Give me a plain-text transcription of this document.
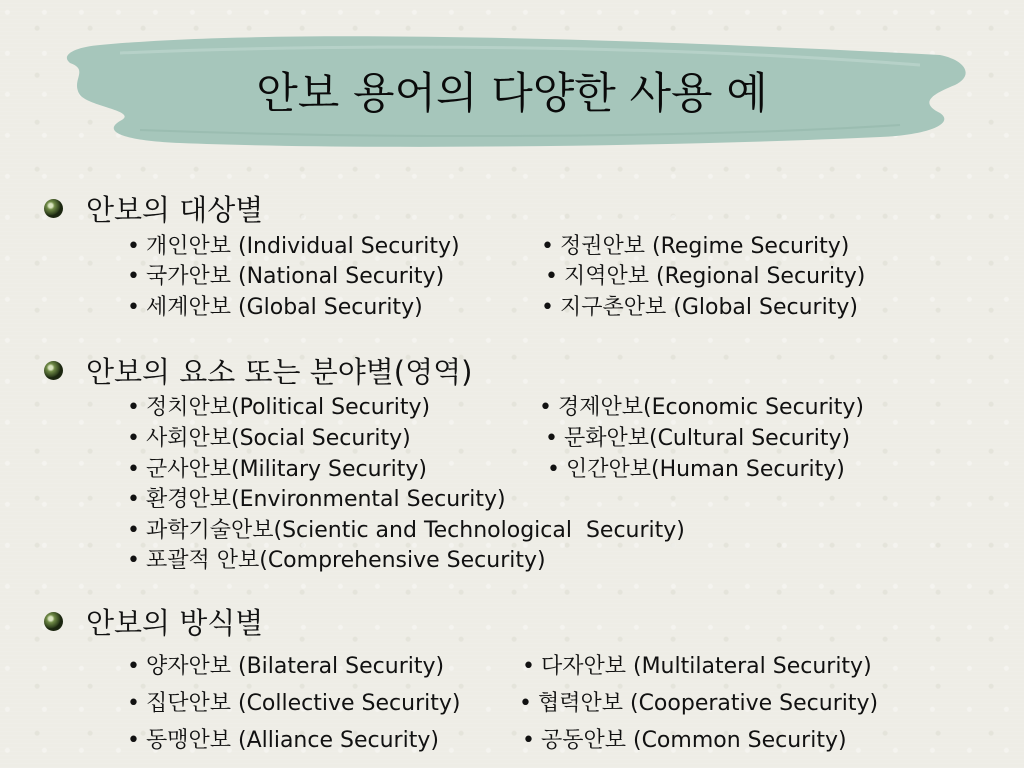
안보 용어의 다양한 사용 예
안보의 대상별
• 개인안보 (Individual Security)	• 정권안보 (Regime Security)
• 국가안보 (National Security)	• 지역안보 (Regional Security)
• 세계안보 (Global Security)	• 지구촌안보 (Global Security)
안보의 요소 또는 분야별(영역)
• 정치안보(Political Security)	• 경제안보(Economic Security)
• 사회안보(Social Security)	• 문화안보(Cultural Security)
• 군사안보(Military Security)	• 인간안보(Human Security)
• 환경안보(Environmental Security)
• 과학기술안보(Scientic and Technological  Security)
• 포괄적 안보(Comprehensive Security)
안보의 방식별
• 양자안보 (Bilateral Security)	• 다자안보 (Multilateral Security)
• 집단안보 (Collective Security)	• 협력안보 (Cooperative Security)
• 동맹안보 (Alliance Security)	• 공동안보 (Common Security)
